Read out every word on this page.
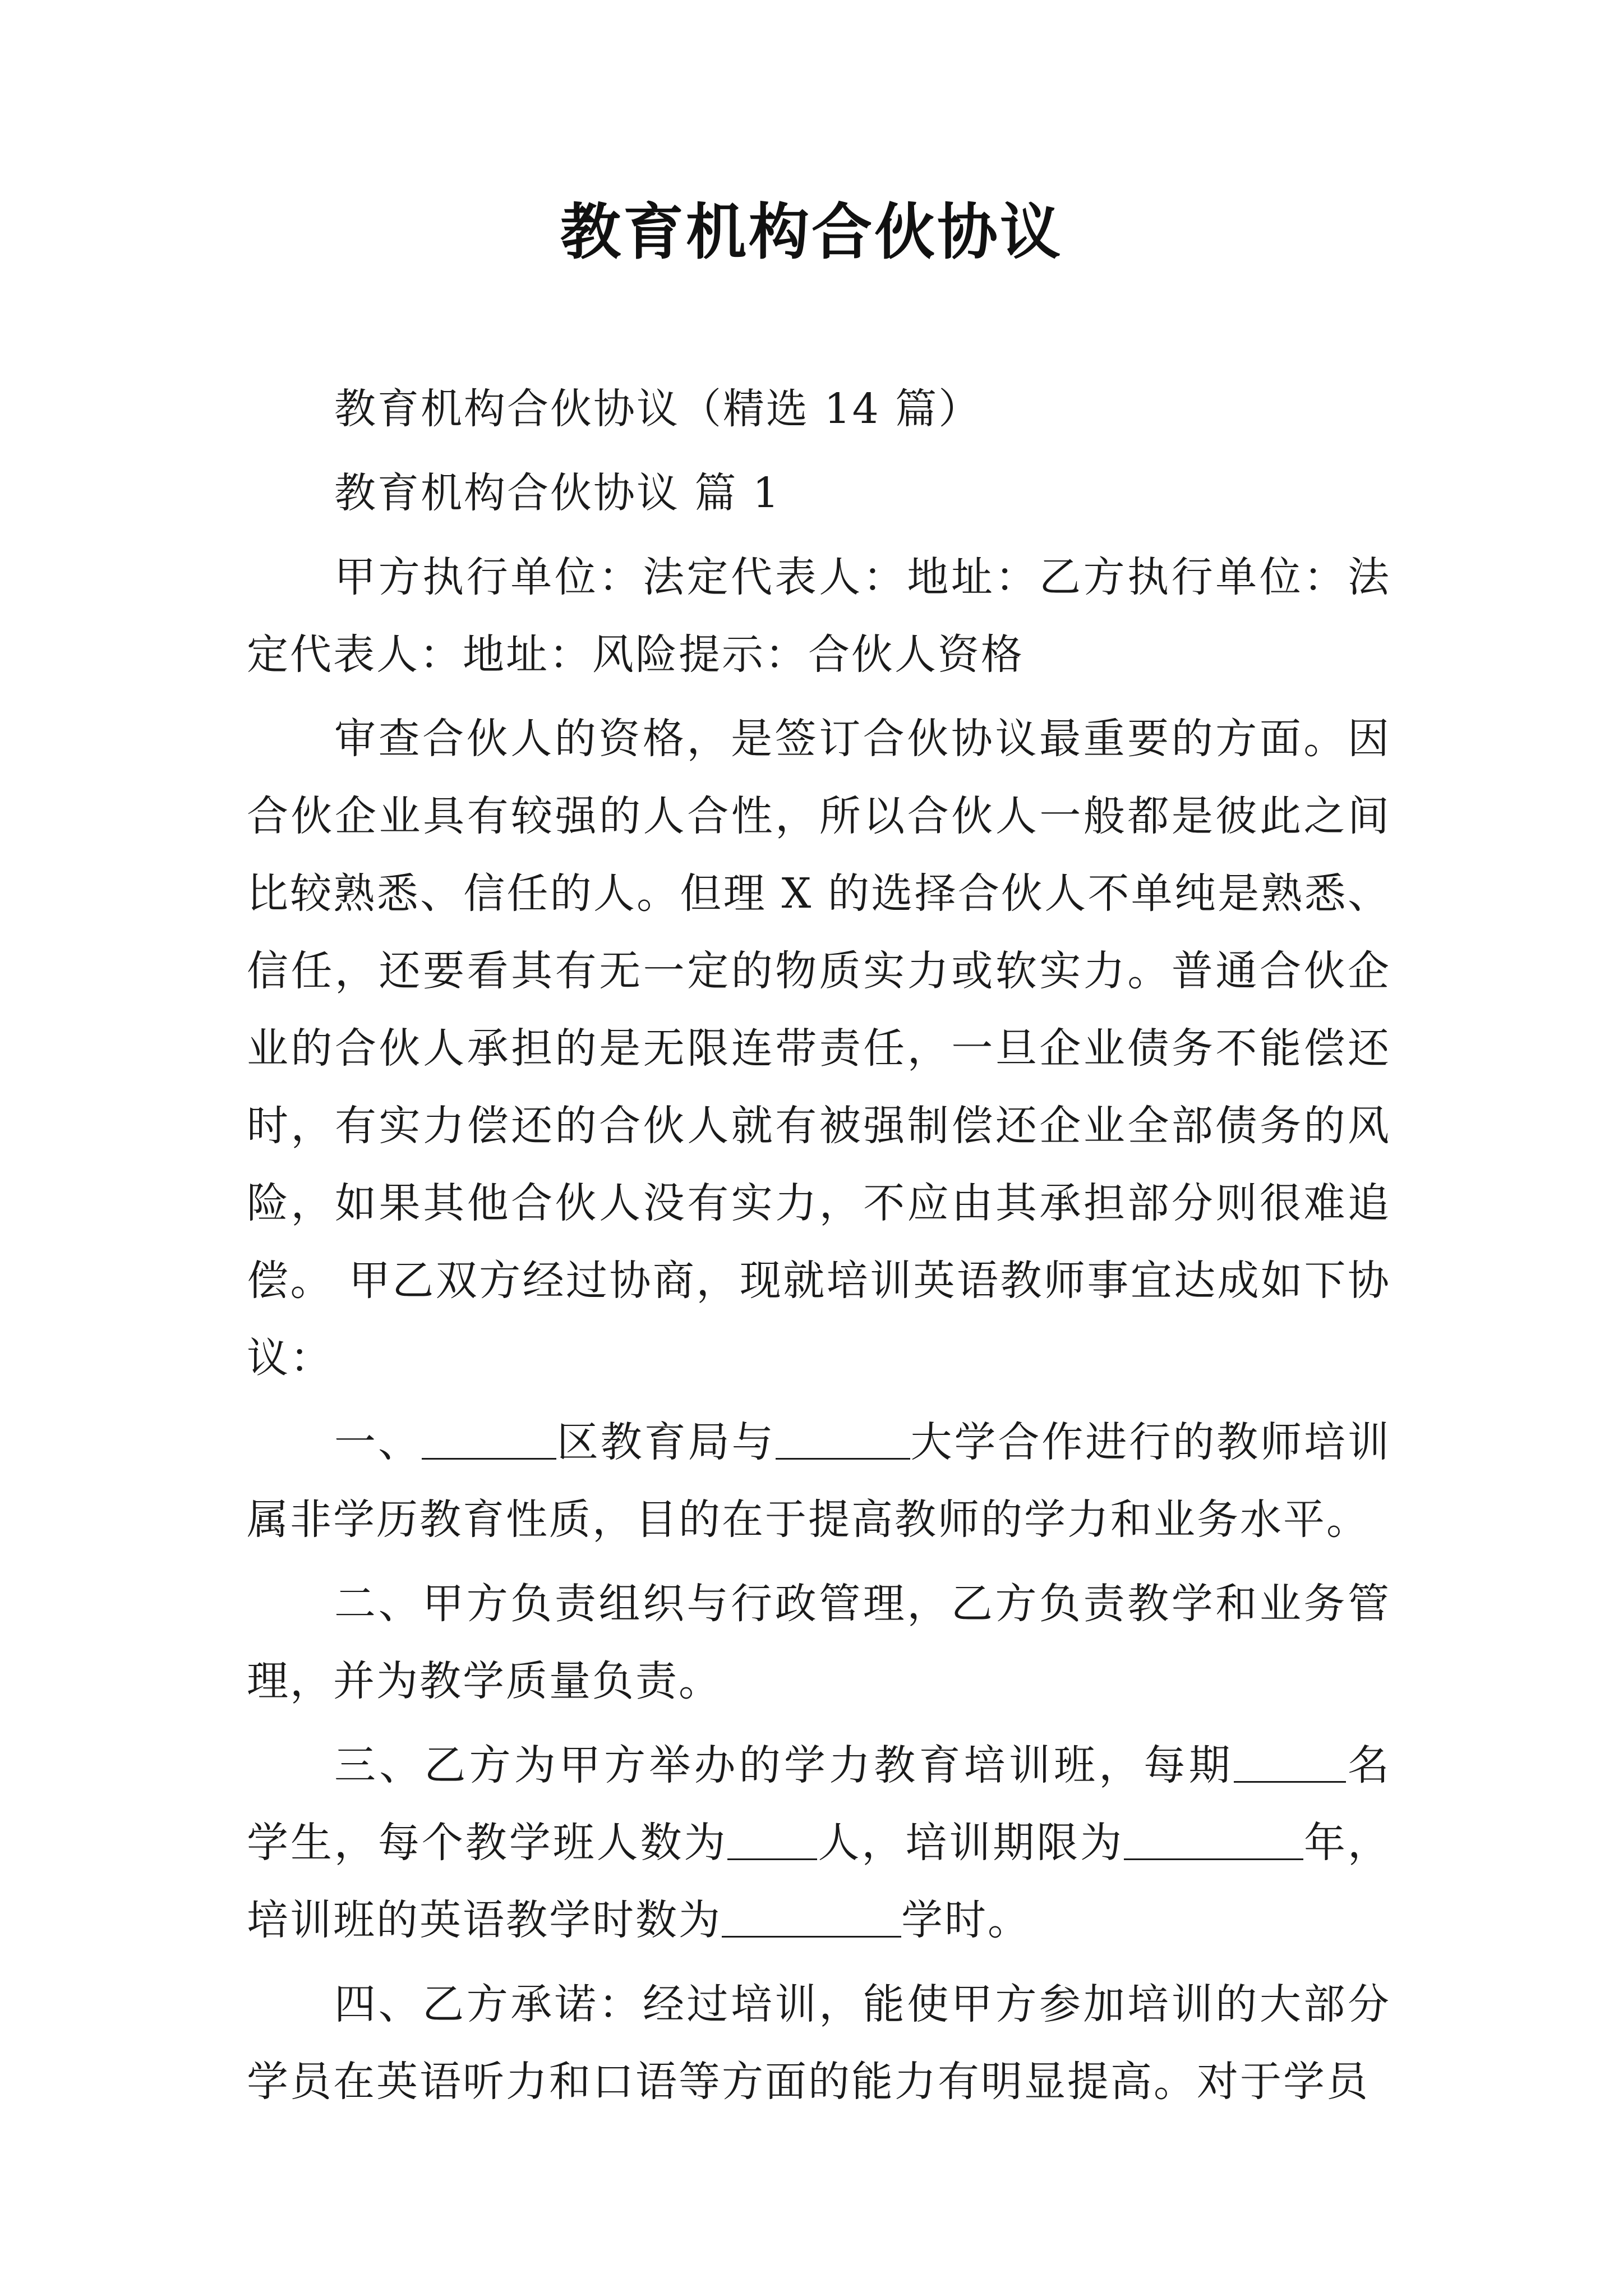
教育机构合伙协议

教育机构合伙协议（精选 14 篇）

教育机构合伙协议 篇 1

甲方执行单位：法定代表人：地址：乙方执行单位：法定代表人：地址：风险提示：合伙人资格

审查合伙人的资格，是签订合伙协议最重要的方面。因合伙企业具有较强的人合性，所以合伙人一般都是彼此之间比较熟悉、信任的人。但理 X 的选择合伙人不单纯是熟悉、信任，还要看其有无一定的物质实力或软实力。普通合伙企业的合伙人承担的是无限连带责任，一旦企业债务不能偿还时，有实力偿还的合伙人就有被强制偿还企业全部债务的风险，如果其他合伙人没有实力，不应由其承担部分则很难追偿。 甲乙双方经过协商，现就培训英语教师事宜达成如下协议：

一、	区教育局与	大学合作进行的教师培训属非学历教育性质，目的在于提高教师的学力和业务水平。

二、甲方负责组织与行政管理，乙方负责教学和业务管理，并为教学质量负责。

三、乙方为甲方举办的学力教育培训班，每期	名学生，每个教学班人数为 人，培训期限为	年，培训班的英语教学时数为	学时。

四、乙方承诺：经过培训，能使甲方参加培训的大部分学员在英语听力和口语等方面的能力有明显提高。对于学员
